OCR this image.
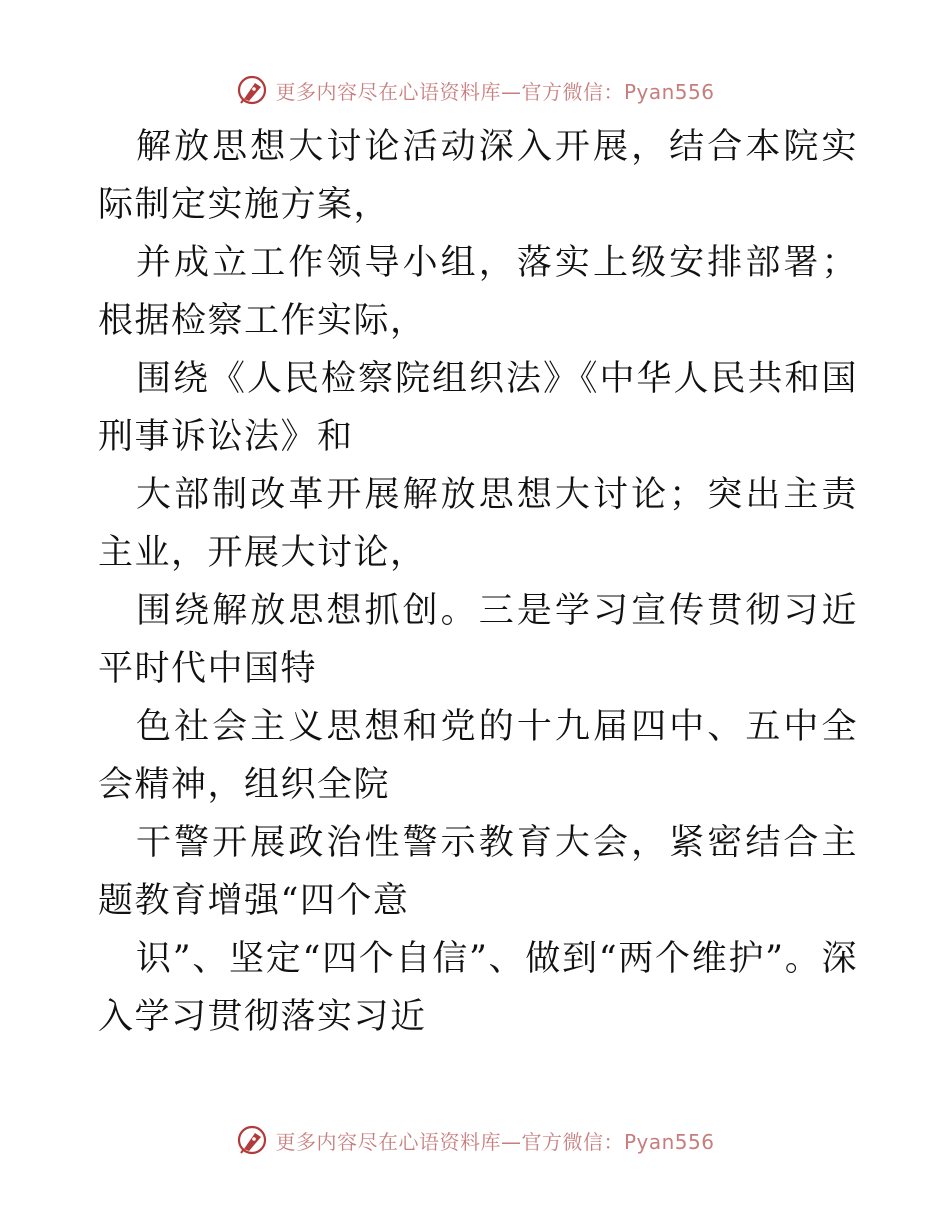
更多内容尽在心语资料库—官方微信：Pyan556

解放思想大讨论活动深入开展，结合本院实际制定实施方案，

并成立工作领导小组，落实上级安排部署；根据检察工作实际，

围绕《人民检察院组织法》《中华人民共和国刑事诉讼法》和

大部制改革开展解放思想大讨论；突出主责主业，开展大讨论，

围绕解放思想抓创。三是学习宣传贯彻习近平时代中国特

色社会主义思想和党的十九届四中、五中全会精神，组织全院

干警开展政治性警示教育大会，紧密结合主题教育增强“四个意

识”、坚定“四个自信”、做到“两个维护”。深入学习贯彻落实习近

更多内容尽在心语资料库—官方微信：Pyan556
